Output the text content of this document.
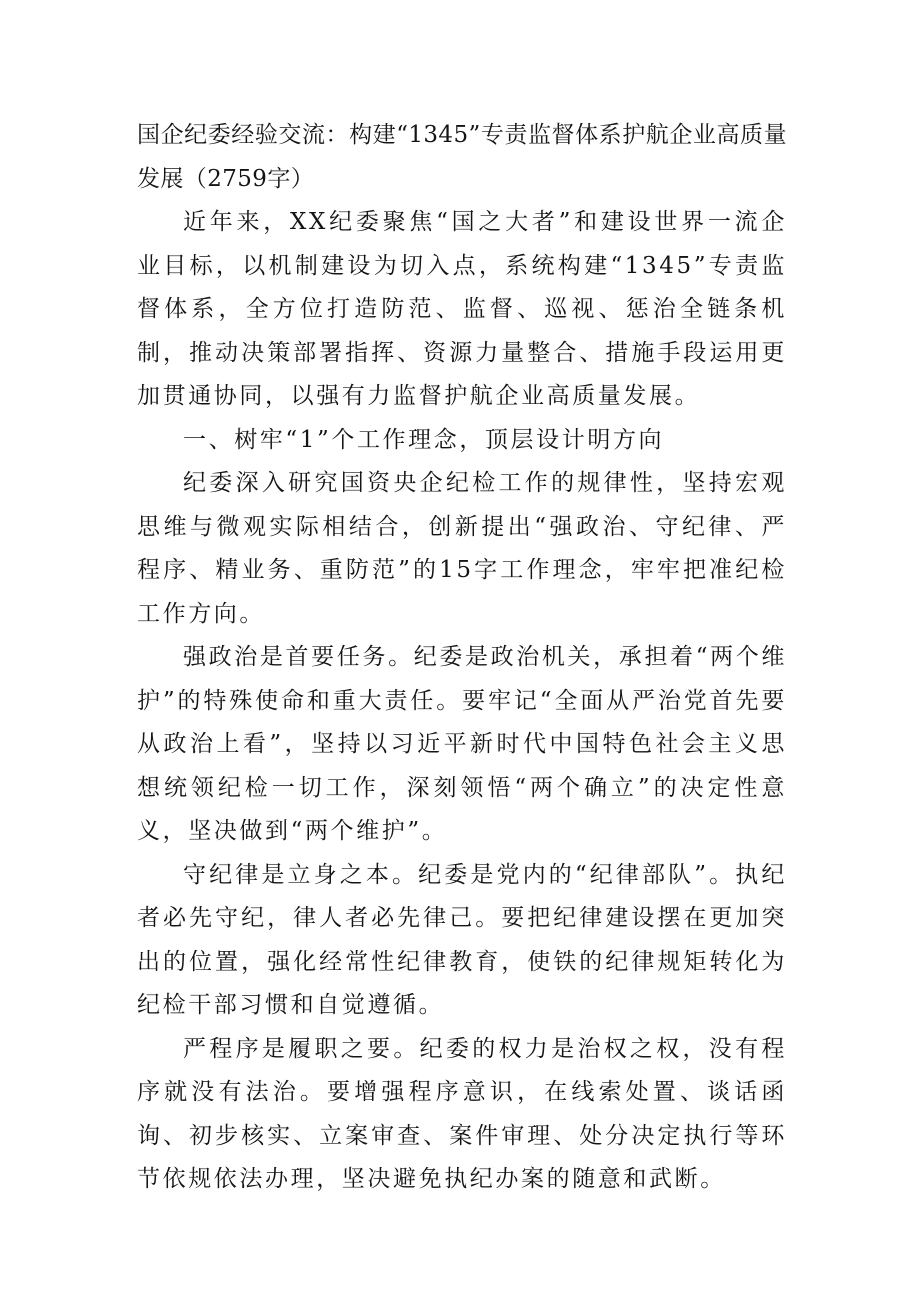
国企纪委经验交流：构建“1345”专责监督体系护航企业高质量发展（2759字）

近年来，XX纪委聚焦“国之大者”和建设世界一流企业目标，以机制建设为切入点，系统构建“1345”专责监督体系，全方位打造防范、监督、巡视、惩治全链条机制，推动决策部署指挥、资源力量整合、措施手段运用更加贯通协同，以强有力监督护航企业高质量发展。

一、树牢“1”个工作理念，顶层设计明方向

纪委深入研究国资央企纪检工作的规律性，坚持宏观思维与微观实际相结合，创新提出“强政治、守纪律、严程序、精业务、重防范”的15字工作理念，牢牢把准纪检工作方向。

强政治是首要任务。纪委是政治机关，承担着“两个维护”的特殊使命和重大责任。要牢记“全面从严治党首先要从政治上看”，坚持以习近平新时代中国特色社会主义思想统领纪检一切工作，深刻领悟“两个确立”的决定性意义，坚决做到“两个维护”。

守纪律是立身之本。纪委是党内的“纪律部队”。执纪者必先守纪，律人者必先律己。要把纪律建设摆在更加突出的位置，强化经常性纪律教育，使铁的纪律规矩转化为纪检干部习惯和自觉遵循。

严程序是履职之要。纪委的权力是治权之权，没有程序就没有法治。要增强程序意识，在线索处置、谈话函询、初步核实、立案审查、案件审理、处分决定执行等环节依规依法办理，坚决避免执纪办案的随意和武断。
